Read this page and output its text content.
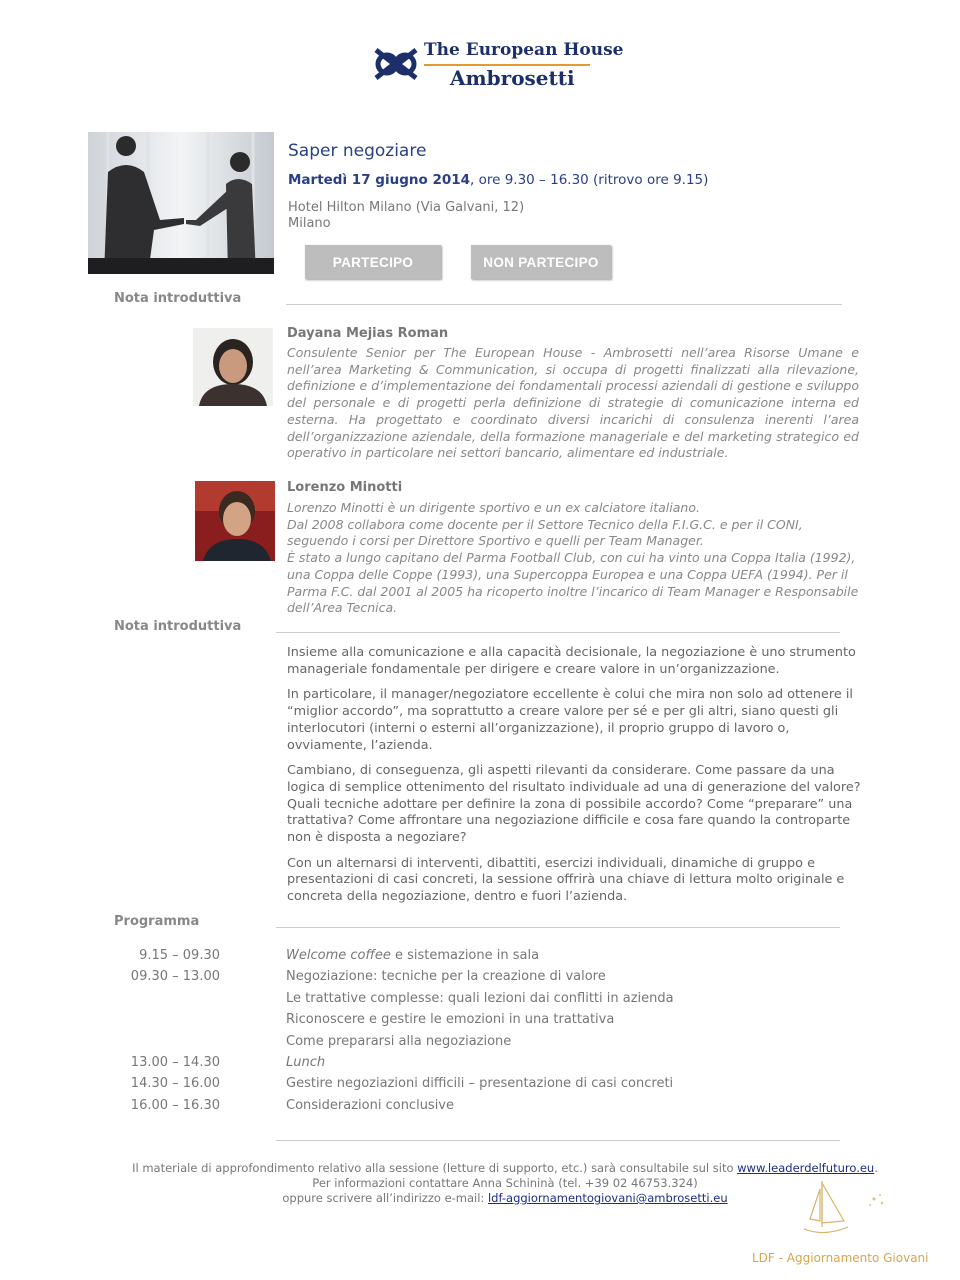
The European House
Ambrosetti
Saper negoziare
Martedì 17 giugno 2014, ore 9.30 – 16.30 (ritrovo ore 9.15)
Hotel Hilton Milano (Via Galvani, 12)
Milano
PARTECIPO	NON PARTECIPO
Nota introduttiva
Dayana Mejias Roman

Consulente Senior per The European House - Ambrosetti nell’area Risorse Umane e nell’area Marketing & Communication, si occupa di progetti finalizzati alla rilevazione, definizione e d’implementazione dei fondamentali processi aziendali di gestione e sviluppo del personale e di progetti perla definizione di strategie di comunicazione interna ed esterna. Ha progettato e coordinato diversi incarichi di consulenza inerenti l’area dell’organizzazione aziendale, della formazione manageriale e del marketing strategico ed operativo in particolare nei settori bancario, alimentare ed industriale.

Lorenzo Minotti
Lorenzo Minotti è un dirigente sportivo e un ex calciatore italiano.
Dal 2008 collabora come docente per il Settore Tecnico della F.I.G.C. e per il CONI, seguendo i corsi per Direttore Sportivo e quelli per Team Manager.
È stato a lungo capitano del Parma Football Club, con cui ha vinto una Coppa Italia (1992), una Coppa delle Coppe (1993), una Supercoppa Europea e una Coppa UEFA (1994). Per il Parma F.C. dal 2001 al 2005 ha ricoperto inoltre l’incarico di Team Manager e Responsabile dell’Area Tecnica.
Nota introduttiva

Insieme alla comunicazione e alla capacità decisionale, la negoziazione è uno strumento manageriale fondamentale per dirigere e creare valore in un’organizzazione.

In particolare, il manager/negoziatore eccellente è colui che mira non solo ad ottenere il “miglior accordo”, ma soprattutto a creare valore per sé e per gli altri, siano questi gli interlocutori (interni o esterni all’organizzazione), il proprio gruppo di lavoro o, ovviamente, l’azienda.

Cambiano, di conseguenza, gli aspetti rilevanti da considerare. Come passare da una logica di semplice ottenimento del risultato individuale ad una di generazione del valore? Quali tecniche adottare per definire la zona di possibile accordo? Come “preparare” una trattativa? Come affrontare una negoziazione difficile e cosa fare quando la controparte non è disposta a negoziare?

Con un alternarsi di interventi, dibattiti, esercizi individuali, dinamiche di gruppo e presentazioni di casi concreti, la sessione offrirà una chiave di lettura molto originale e concreta della negoziazione, dentro e fuori l’azienda.

Programma
9.15 – 09.30	Welcome coffee e sistemazione in sala
09.30 – 13.00	Negoziazione: tecniche per la creazione di valore
Le trattative complesse: quali lezioni dai conflitti in azienda
Riconoscere e gestire le emozioni in una trattativa
Come prepararsi alla negoziazione
13.00 – 14.30	Lunch
14.30 – 16.00	Gestire negoziazioni difficili – presentazione di casi concreti
16.00 – 16.30	Considerazioni conclusive
Il materiale di approfondimento relativo alla sessione (letture di supporto, etc.) sarà consultabile sul sito www.leaderdelfuturo.eu.
Per informazioni contattare Anna Schininà (tel. +39 02 46753.324)
oppure scrivere all’indirizzo e-mail: ldf-aggiornamentogiovani@ambrosetti.eu
LDF - Aggiornamento Giovani
